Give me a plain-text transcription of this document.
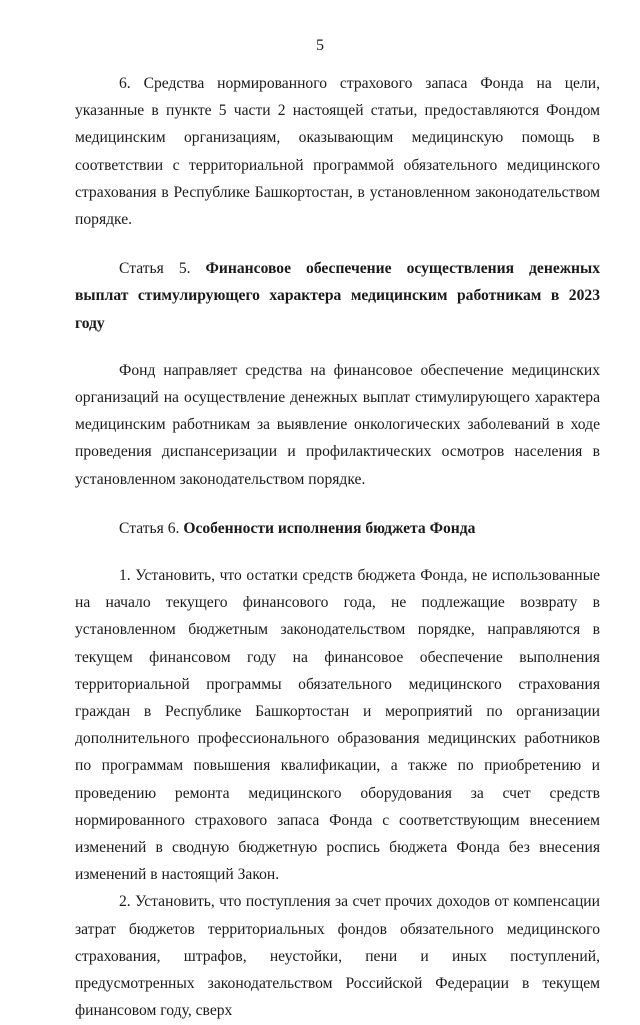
5

6. Средства нормированного страхового запаса Фонда на цели, указанные в пункте 5 части 2 настоящей статьи, предоставляются Фондом медицинским организациям, оказывающим медицинскую помощь в соответствии с территориальной программой обязательного медицинского страхования в Республике Башкортостан, в установленном законодательством порядке.

Статья 5. Финансовое обеспечение осуществления денежных выплат стимулирующего характера медицинским работникам в 2023 году

Фонд направляет средства на финансовое обеспечение медицинских организаций на осуществление денежных выплат стимулирующего характера медицинским работникам за выявление онкологических заболеваний в ходе проведения диспансеризации и профилактических осмотров населения в установленном законодательством порядке.

Статья 6. Особенности исполнения бюджета Фонда

1. Установить, что остатки средств бюджета Фонда, не использованные на начало текущего финансового года, не подлежащие возврату в установленном бюджетным законодательством порядке, направляются в текущем финансовом году на финансовое обеспечение выполнения территориальной программы обязательного медицинского страхования граждан в Республике Башкортостан и мероприятий по организации дополнительного профессионального образования медицинских работников по программам повышения квалификации, а также по приобретению и проведению ремонта медицинского оборудования за счет средств нормированного страхового запаса Фонда с соответствующим внесением изменений в сводную бюджетную роспись бюджета Фонда без внесения изменений в настоящий Закон.

2. Установить, что поступления за счет прочих доходов от компенсации затрат бюджетов территориальных фондов обязательного медицинского страхования, штрафов, неустойки, пени и иных поступлений, предусмотренных законодательством Российской Федерации в текущем финансовом году, сверх
